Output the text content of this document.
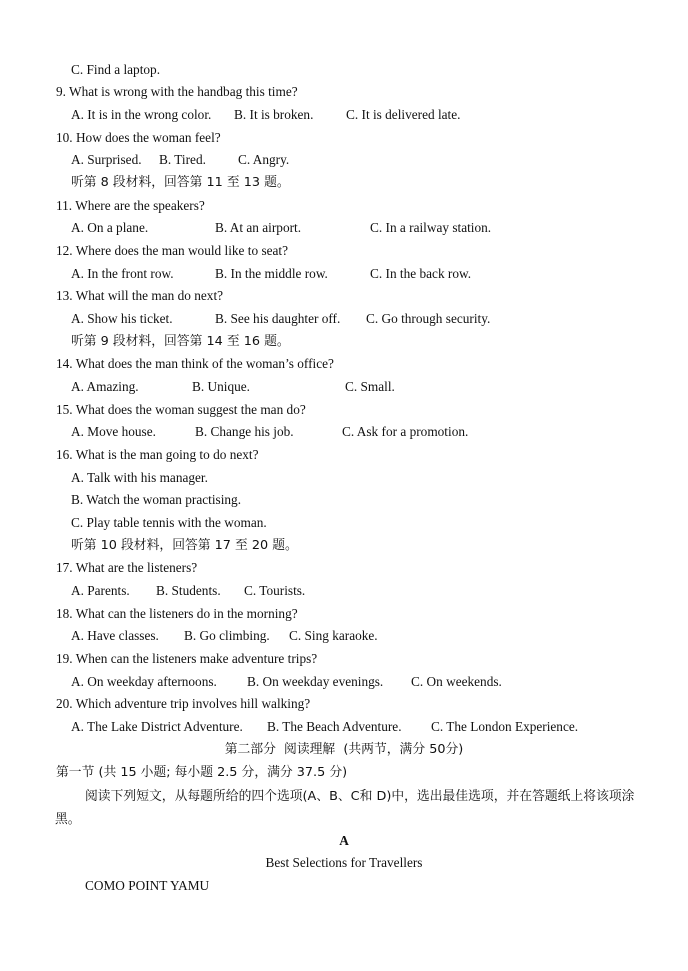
C. Find a laptop.
9. What is wrong with the handbag this time?
A. It is in the wrong color. B. It is broken. C. It is delivered late.
10. How does the woman feel?
A. Surprised. B. Tired. C. Angry.
听第 8 段材料，回答第 11 至 13 题。
11. Where are the speakers?
A. On a plane.	B. At an airport.	C. In a railway station.
12. Where does the man would like to seat?
A. In the front row.	B. In the middle row.	C. In the back row.
13. What will the man do next?
A. Show his ticket.	B. See his daughter off. C. Go through security.
听第 9 段材料，回答第 14 至 16 题。
14. What does the man think of the woman’s office?
A. Amazing.	B. Unique.	C. Small.
15. What does the woman suggest the man do?
A. Move house.	B. Change his job.	C. Ask for a promotion.
16. What is the man going to do next?
A. Talk with his manager.
B. Watch the woman practising.
C. Play table tennis with the woman.
听第 10 段材料，回答第 17 至 20 题。
17. What are the listeners?
A. Parents. B. Students. C. Tourists.
18. What can the listeners do in the morning?
A. Have classes. B. Go climbing. C. Sing karaoke.
19. When can the listeners make adventure trips?
A. On weekday afternoons. B. On weekday evenings. C. On weekends.
20. Which adventure trip involves hill walking?
A. The Lake District Adventure. B. The Beach Adventure. C. The London Experience.
第二部分  阅读理解  (共两节，满分 50分)
第一节 (共 15 小题; 每小题 2.5 分，满分 37.5 分)
阅读下列短文，从每题所给的四个选项(A、B、C和 D)中，选出最佳选项，并在答题纸上将该项涂黑。
A
Best Selections for Travellers
COMO POINT YAMU
